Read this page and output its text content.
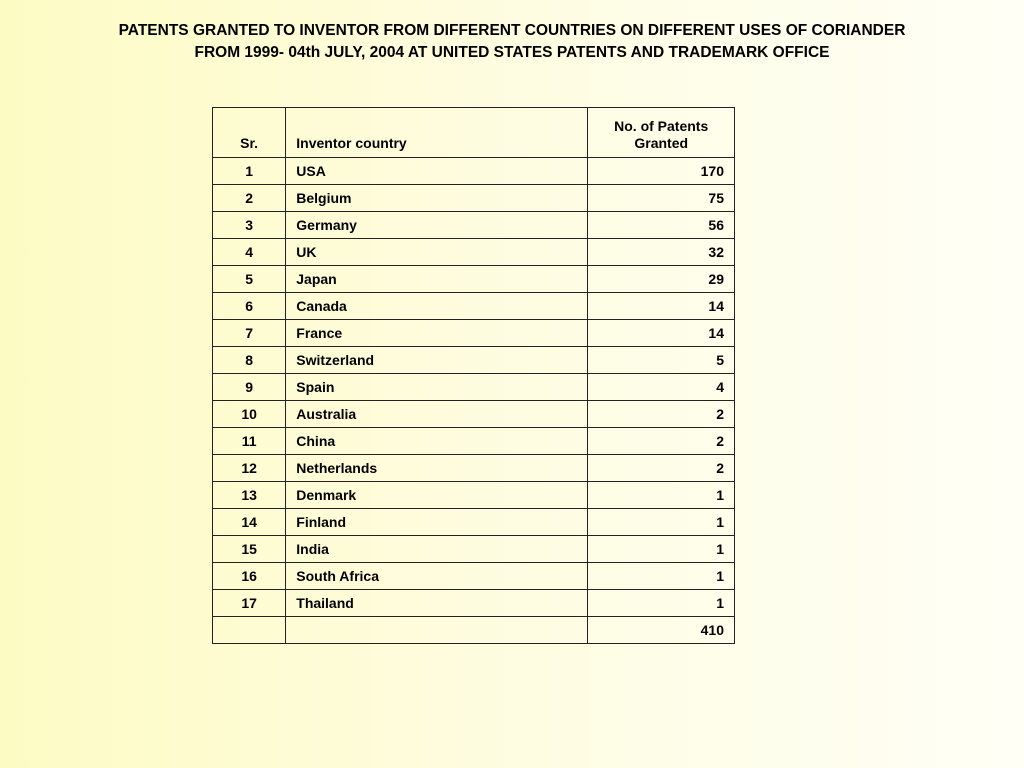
PATENTS GRANTED TO INVENTOR FROM DIFFERENT COUNTRIES ON DIFFERENT USES OF CORIANDER
FROM 1999- 04th JULY, 2004 AT UNITED STATES PATENTS AND TRADEMARK OFFICE
Sr.	Inventor country	No. of Patents Granted
1	USA	170
2	Belgium	75
3	Germany	56
4	UK	32
5	Japan	29
6	Canada	14
7	France	14
8	Switzerland	5
9	Spain	4
10	Australia	2
11	China	2
12	Netherlands	2
13	Denmark	1
14	Finland	1
15	India	1
16	South Africa	1
17	Thailand	1
		410
